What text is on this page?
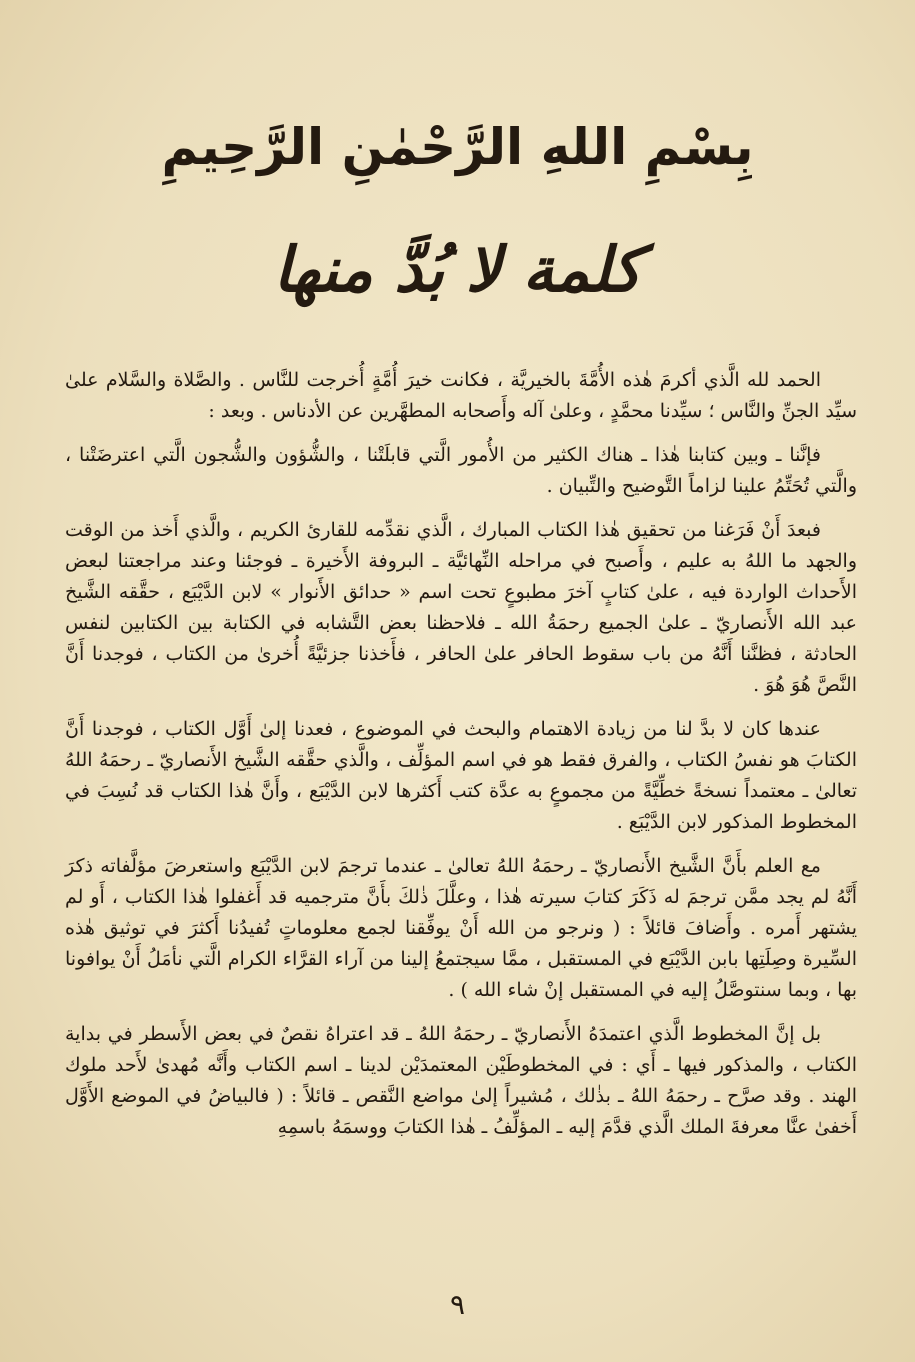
بِسْمِ اللهِ الرَّحْمٰنِ الرَّحِيمِ
كلمة لا بُدَّ منها

الحمد لله الَّذي أكرمَ هٰذه الأُمَّةَ بالخيريَّة ، فكانت خيرَ أُمَّةٍ أُخرجت للنَّاس . والصَّلاة والسَّلام علىٰ سيِّد الجنِّ والنَّاس ؛ سيِّدنا محمَّدٍ ، وعلىٰ آله وأَصحابه المطهَّرين عن الأدناس . وبعد :

فإنَّنا ـ وبين كتابنا هٰذا ـ هناك الكثير من الأُمور الَّتي قابلَتْنا ، والشُّؤون والشُّجون الَّتي اعترضَتْنا ، والَّتي تُحَتِّمُ علينا لزاماً التَّوضيح والتِّبيان .

فبعدَ أَنْ فَرَغنا من تحقيق هٰذا الكتاب المبارك ، الَّذي نقدِّمه للقارئ الكريم ، والَّذي أَخذ من الوقت والجهد ما اللهُ به عليم ، وأَصبح في مراحله النِّهائيَّة ـ البروفة الأَخيرة ـ فوجئنا وعند مراجعتنا لبعض الأَحداث الواردة فيه ، علىٰ كتابٍ آخرَ مطبوعٍ تحت اسم « حدائق الأَنوار » لابن الدَّيْبَع ، حقَّقه الشَّيخ عبد الله الأَنصاريّ ـ علىٰ الجميع رحمَةُ الله ـ فلاحظنا بعض التَّشابه في الكتابة بين الكتابين لنفس الحادثة ، فظنَّنا أَنَّهُ من باب سقوط الحافر علىٰ الحافر ، فأَخذنا جزئيَّةً أُخرىٰ من الكتاب ، فوجدنا أَنَّ النَّصَّ هُوَ هُوَ .

عندها كان لا بدَّ لنا من زيادة الاهتمام والبحث في الموضوع ، فعدنا إلىٰ أَوَّل الكتاب ، فوجدنا أَنَّ الكتابَ هو نفسُ الكتاب ، والفرق فقط هو في اسم المؤلِّف ، والَّذي حقَّقه الشَّيخ الأَنصاريّ ـ رحمَهُ اللهُ تعالىٰ ـ معتمداً نسخةً خطِّيَّةً من مجموعٍ به عدَّة كتب أَكثرها لابن الدَّيْبَع ، وأَنَّ هٰذا الكتاب قد نُسِبَ في المخطوط المذكور لابن الدَّيْبَع .

مع العلم بأَنَّ الشَّيخ الأَنصاريّ ـ رحمَهُ اللهُ تعالىٰ ـ عندما ترجمَ لابن الدَّيْبَع واستعرضَ مؤلَّفاته ذكرَ أَنَّهُ لم يجد ممَّن ترجمَ له ذَكَرَ كتابَ سيرته هٰذا ، وعلَّلَ ذٰلكَ بأَنَّ مترجميه قد أَغفلوا هٰذا الكتاب ، أَو لم يشتهر أَمره . وأَضافَ قائلاً : ( ونرجو من الله أَنْ يوفِّقنا لجمع معلوماتٍ تُفيدُنا أَكثرَ في توثيق هٰذه السِّيرة وصِلَتِها بابن الدَّيْبَع في المستقبل ، ممَّا سيجتمعُ إلينا من آراء القرَّاء الكرام الَّتي نأمَلُ أَنْ يوافونا بها ، وبما سنتوصَّلُ إليه في المستقبل إنْ شاء الله ) .

بل إنَّ المخطوط الَّذي اعتمدَهُ الأَنصاريّ ـ رحمَهُ اللهُ ـ قد اعتراهُ نقصٌ في بعض الأَسطر في بداية الكتاب ، والمذكور فيها ـ أَي : في المخطوطَيْن المعتمدَيْن لدينا ـ اسم الكتاب وأَنَّه مُهدىٰ لأَحد ملوك الهند . وقد صرَّح ـ رحمَهُ اللهُ ـ بذٰلك ، مُشيراً إلىٰ مواضع النَّقص ـ قائلاً : ( فالبياضُ في الموضع الأَوَّل أَخفىٰ عنَّا معرفةَ الملك الَّذي قدَّمَ إليه ـ المؤلِّفُ ـ هٰذا الكتابَ ووسمَهُ باسمِهِ

٩
